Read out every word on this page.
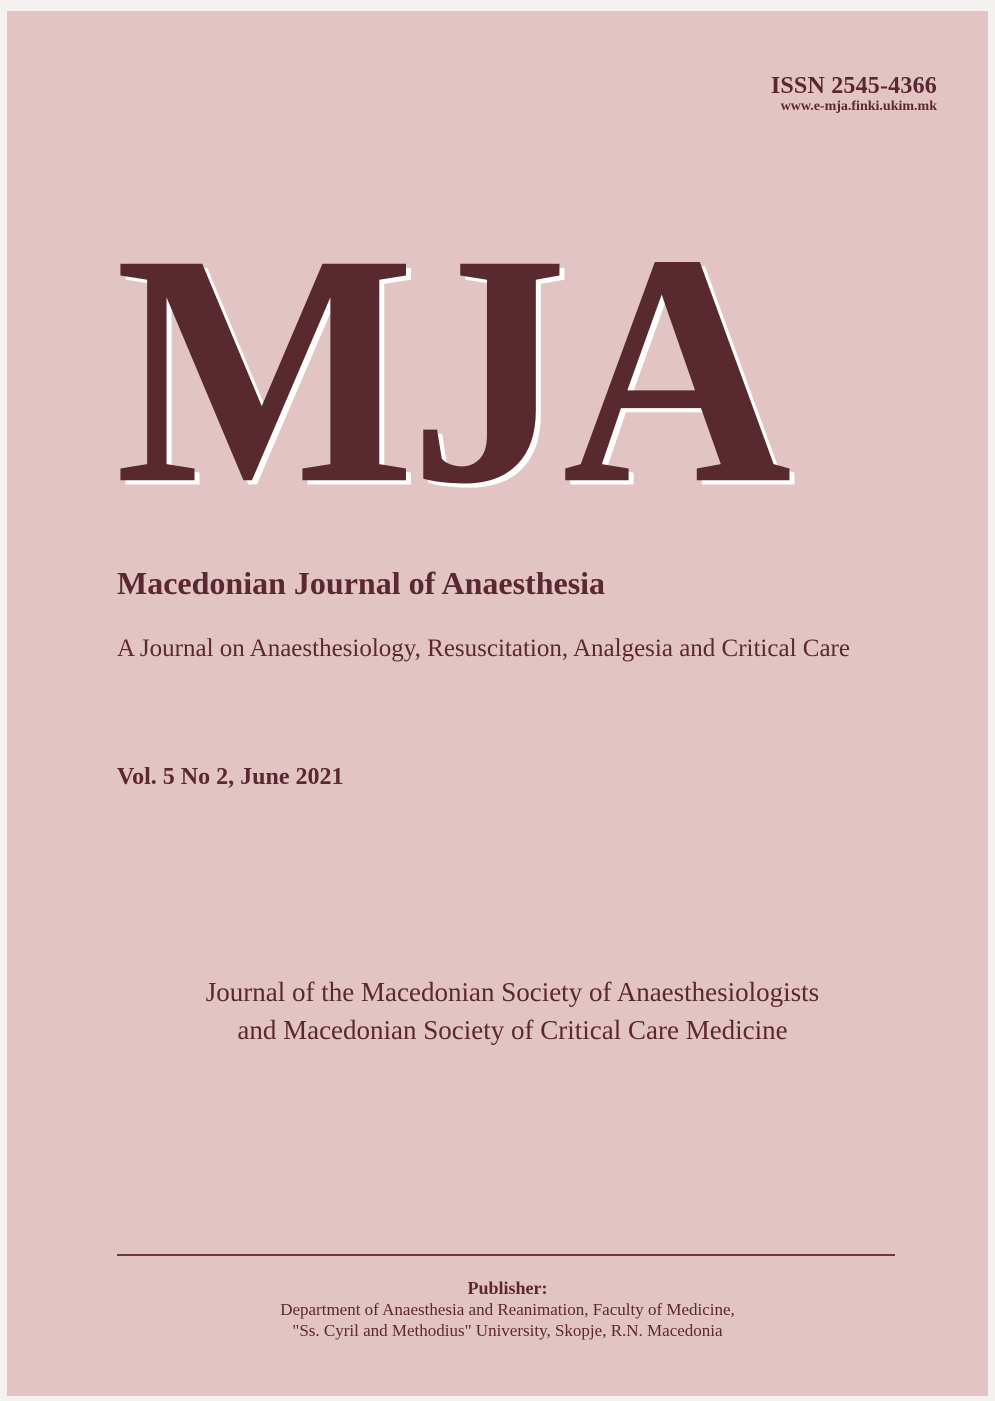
ISSN 2545-4366
www.e-mja.finki.ukim.mk
MJA
Macedonian Journal of Anaesthesia
A Journal on Anaesthesiology, Resuscitation, Analgesia and Critical Care
Vol. 5 No 2, June 2021
Journal of the Macedonian Society of Anaesthesiologists
and Macedonian Society of Critical Care Medicine
Publisher:
Department of Anaesthesia and Reanimation, Faculty of Medicine,
"Ss. Cyril and Methodius" University, Skopje, R.N. Macedonia
